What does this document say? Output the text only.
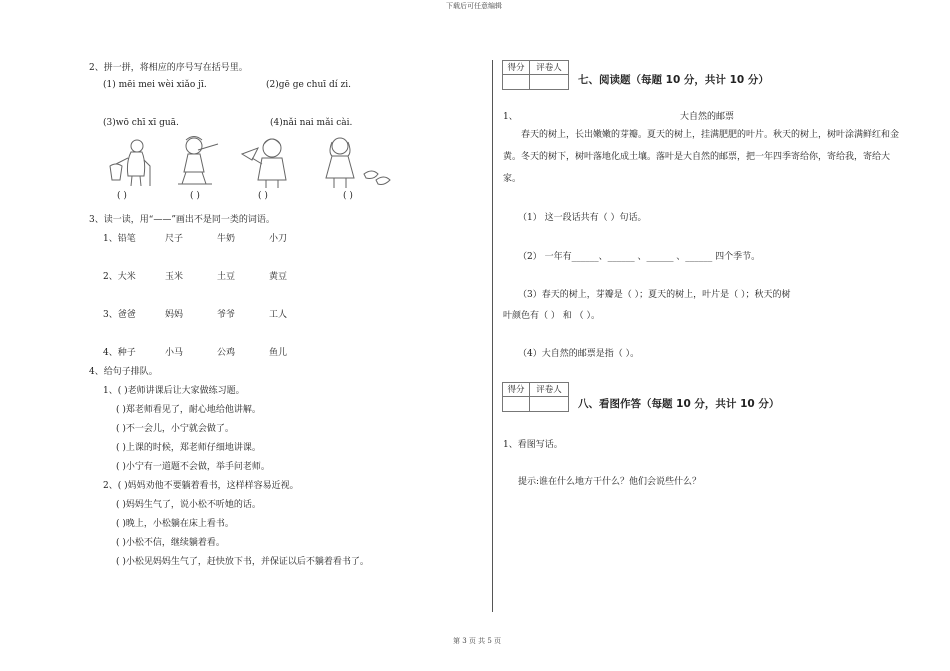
下载后可任意编辑
第 3 页 共 5 页
2、拼一拼，将相应的序号写在括号里。
(1) mēi mei wèi xiǎo jī.	(2)gē ge chuī dí zi.
(3)wō chī xī guā.	(4)nǎi nai mǎi cài.
( )	( )	( )	( )
3、读一读，用“——”画出不是同一类的词语。
1、铅笔	尺子	牛奶	小刀
2、大米	玉米	土豆	黄豆
3、爸爸	妈妈	爷爷	工人
4、种子	小马	公鸡	鱼儿
4、给句子排队。
1、( )老师讲课后让大家做练习题。
( )郑老师看见了，耐心地给他讲解。
( )不一会儿，小宁就会做了。
( )上课的时候，郑老师仔细地讲课。
( )小宁有一道题不会做，举手问老师。
2、( )妈妈劝他不要躺着看书，这样样容易近视。
( )妈妈生气了，说小松不听她的话。
( )晚上，小松躺在床上看书。
( )小松不信，继续躺着看。
( )小松见妈妈生气了，赶快放下书，并保证以后不躺着看书了。
得分	评卷人
七、阅读题（每题 10 分，共计 10 分）
1、	大自然的邮票
春天的树上，长出嫩嫩的芽瓣。夏天的树上，挂满肥肥的叶片。秋天的树上，树叶涂满鲜红和金黄。冬天的树下，树叶落地化成土壤。落叶是大自然的邮票，把一年四季寄给你，寄给我，寄给大家。
（1） 这一段话共有（ ）句话。
（2） 一年有______、______ 、______ 、______ 四个季节。
（3）春天的树上，芽瓣是（ ）；夏天的树上，叶片是（ ）；秋天的树
叶颜色有（ ） 和 （ ）。
（4）大自然的邮票是指（ ）。
得分	评卷人
八、看图作答（每题 10 分，共计 10 分）
1、看图写话。
提示:谁在什么地方干什么？他们会说些什么？
